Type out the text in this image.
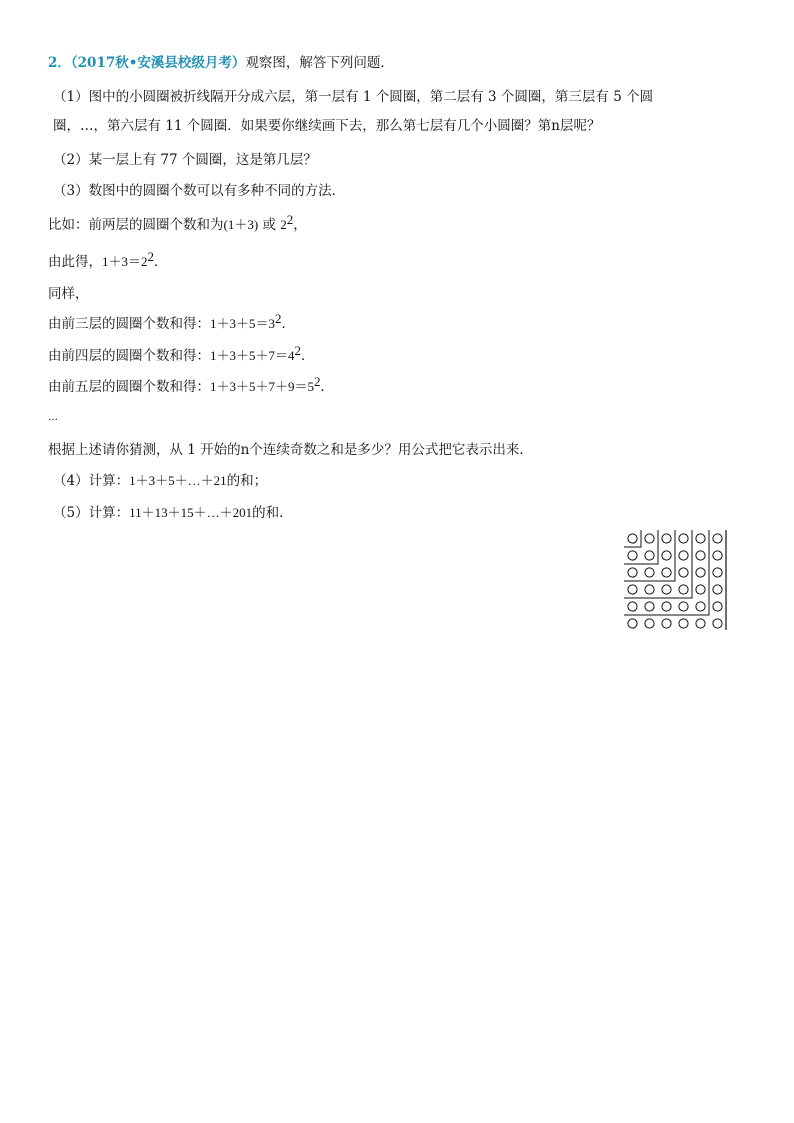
2．（2017秋•安溪县校级月考）观察图，解答下列问题．
（1）图中的小圆圈被折线隔开分成六层，第一层有 1 个圆圈，第二层有 3 个圆圈，第三层有 5 个圆
圈，…，第六层有 11 个圆圈．如果要你继续画下去，那么第七层有几个小圆圈？第n层呢？
（2）某一层上有 77 个圆圈，这是第几层？
（3）数图中的圆圈个数可以有多种不同的方法．
比如：前两层的圆圈个数和为(1＋3) 或 $2^2$，
由此得，$1+3=2^2$．
同样，
由前三层的圆圈个数和得：$1+3+5=3^2$．
由前四层的圆圈个数和得：$1+3+5+7=4^2$．
由前五层的圆圈个数和得：$1+3+5+7+9=5^2$．
…
根据上述请你猜测，从 1 开始的n个连续奇数之和是多少？用公式把它表示出来．
（4）计算：1＋3＋5＋…＋21的和；
（5）计算：11＋13＋15＋…＋201的和．
